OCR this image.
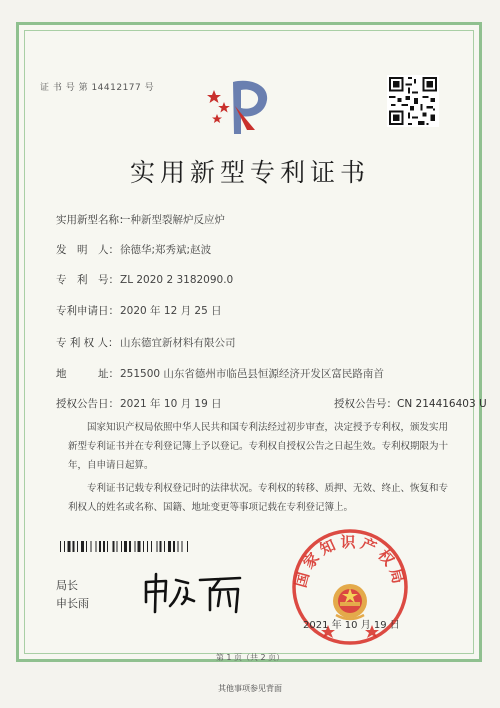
证 书 号 第 14412177 号
实用新型专利证书
实用新型名称：一种新型裂解炉反应炉
发　明　人：徐德华;郑秀斌;赵波
专　利　号：ZL 2020 2 3182090.0
专利申请日：2020 年 12 月 25 日
专 利 权 人：山东德宜新材料有限公司
地　　　址：251500 山东省德州市临邑县恒源经济开发区富民路南首
授权公告日：2021 年 10 月 19 日	授权公告号：CN 214416403 U
国家知识产权局依照中华人民共和国专利法经过初步审查，决定授予专利权，颁发实用新型专利证书并在专利登记簿上予以登记。专利权自授权公告之日起生效。专利权期限为十年，自申请日起算。
专利证书记载专利权登记时的法律状况。专利权的转移、质押、无效、终止、恢复和专利权人的姓名或名称、国籍、地址变更等事项记载在专利登记簿上。
局长
申长雨
国家知识产权局
2021 年 10 月 19 日
第 1 页（共 2 页）
其他事项参见背面
